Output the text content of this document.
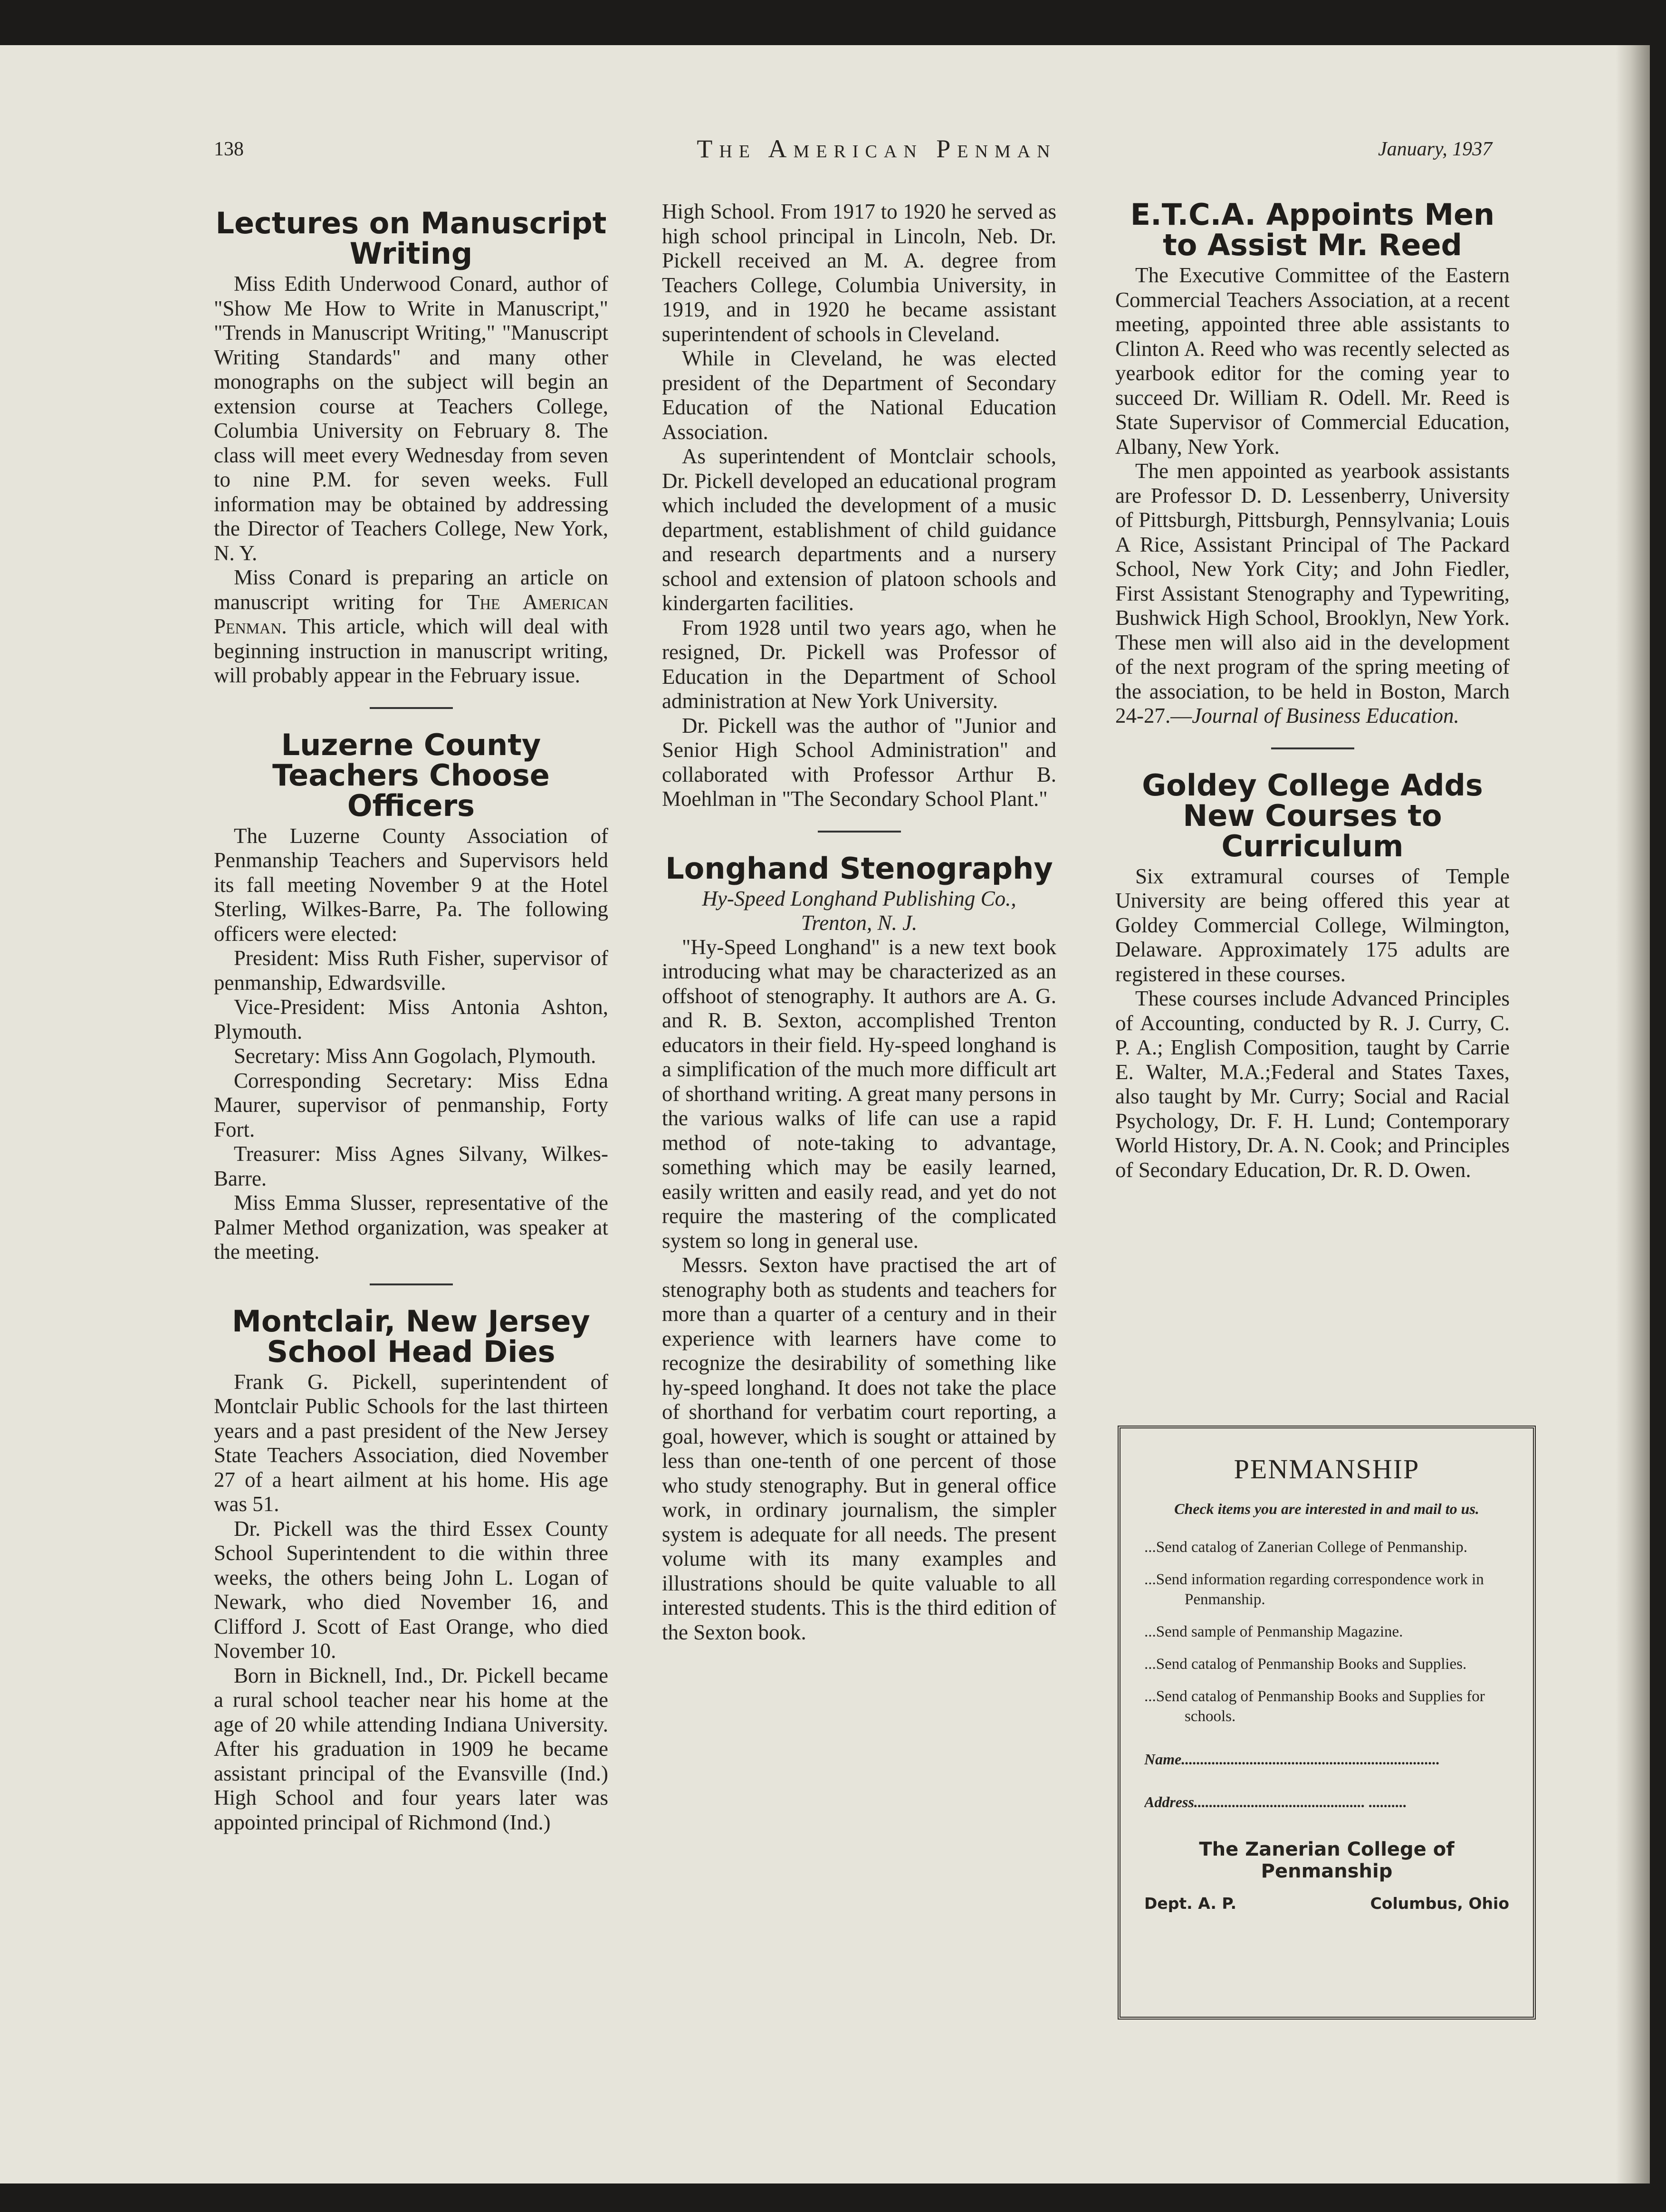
138	The American Penman	January, 1937
Lectures on Manuscript Writing

Miss Edith Underwood Conard, author of "Show Me How to Write in Manuscript," "Trends in Manuscript Writing," "Manuscript Writing Standards" and many other monographs on the subject will begin an extension course at Teachers College, Columbia University on February 8. The class will meet every Wednesday from seven to nine P.M. for seven weeks. Full information may be obtained by addressing the Director of Teachers College, New York, N. Y.

Miss Conard is preparing an article on manuscript writing for The American Penman. This article, which will deal with beginning instruction in manuscript writing, will probably appear in the February issue.

Luzerne County Teachers Choose Officers

The Luzerne County Association of Penmanship Teachers and Supervisors held its fall meeting November 9 at the Hotel Sterling, Wilkes-Barre, Pa. The following officers were elected:

President: Miss Ruth Fisher, supervisor of penmanship, Edwardsville.

Vice-President: Miss Antonia Ashton, Plymouth.

Secretary: Miss Ann Gogolach, Plymouth.

Corresponding Secretary: Miss Edna Maurer, supervisor of penmanship, Forty Fort.

Treasurer: Miss Agnes Silvany, Wilkes-Barre.

Miss Emma Slusser, representative of the Palmer Method organization, was speaker at the meeting.

Montclair, New Jersey School Head Dies

Frank G. Pickell, superintendent of Montclair Public Schools for the last thirteen years and a past president of the New Jersey State Teachers Association, died November 27 of a heart ailment at his home. His age was 51.

Dr. Pickell was the third Essex County School Superintendent to die within three weeks, the others being John L. Logan of Newark, who died November 16, and Clifford J. Scott of East Orange, who died November 10.

Born in Bicknell, Ind., Dr. Pickell became a rural school teacher near his home at the age of 20 while attending Indiana University. After his graduation in 1909 he became assistant principal of the Evansville (Ind.) High School and four years later was appointed principal of Richmond (Ind.)

High School. From 1917 to 1920 he served as high school principal in Lincoln, Neb. Dr. Pickell received an M. A. degree from Teachers College, Columbia University, in 1919, and in 1920 he became assistant superintendent of schools in Cleveland.

While in Cleveland, he was elected president of the Department of Secondary Education of the National Education Association.

As superintendent of Montclair schools, Dr. Pickell developed an educational program which included the development of a music department, establishment of child guidance and research departments and a nursery school and extension of platoon schools and kindergarten facilities.

From 1928 until two years ago, when he resigned, Dr. Pickell was Professor of Education in the Department of School administration at New York University.

Dr. Pickell was the author of "Junior and Senior High School Administration" and collaborated with Professor Arthur B. Moehlman in "The Secondary School Plant."

Longhand Stenography
Hy-Speed Longhand Publishing Co.,
Trenton, N. J.

"Hy-Speed Longhand" is a new text book introducing what may be characterized as an offshoot of stenography. It authors are A. G. and R. B. Sexton, accomplished Trenton educators in their field. Hy-speed longhand is a simplification of the much more difficult art of shorthand writing. A great many persons in the various walks of life can use a rapid method of note-taking to advantage, something which may be easily learned, easily written and easily read, and yet do not require the mastering of the complicated system so long in general use.

Messrs. Sexton have practised the art of stenography both as students and teachers for more than a quarter of a century and in their experience with learners have come to recognize the desirability of something like hy-speed longhand. It does not take the place of shorthand for verbatim court reporting, a goal, however, which is sought or attained by less than one-tenth of one percent of those who study stenography. But in general office work, in ordinary journalism, the simpler system is adequate for all needs. The present volume with its many examples and illustrations should be quite valuable to all interested students. This is the third edition of the Sexton book.

E.T.C.A. Appoints Men to Assist Mr. Reed

The Executive Committee of the Eastern Commercial Teachers Association, at a recent meeting, appointed three able assistants to Clinton A. Reed who was recently selected as yearbook editor for the coming year to succeed Dr. William R. Odell. Mr. Reed is State Supervisor of Commercial Education, Albany, New York.

The men appointed as yearbook assistants are Professor D. D. Lessenberry, University of Pittsburgh, Pittsburgh, Pennsylvania; Louis A Rice, Assistant Principal of The Packard School, New York City; and John Fiedler, First Assistant Stenography and Typewriting, Bushwick High School, Brooklyn, New York. These men will also aid in the development of the next program of the spring meeting of the association, to be held in Boston, March 24-27.—Journal of Business Education.

Goldey College Adds New Courses to Curriculum

Six extramural courses of Temple University are being offered this year at Goldey Commercial College, Wilmington, Delaware. Approximately 175 adults are registered in these courses.

These courses include Advanced Principles of Accounting, conducted by R. J. Curry, C. P. A.; English Composition, taught by Carrie E. Walter, M.A.;Federal and States Taxes, also taught by Mr. Curry; Social and Racial Psychology, Dr. F. H. Lund; Contemporary World History, Dr. A. N. Cook; and Principles of Secondary Education, Dr. R. D. Owen.

PENMANSHIP
Check items you are interested in and mail to us.
...Send catalog of Zanerian College of Penmanship.
...Send information regarding correspondence work in Penmanship.
...Send sample of Penmanship Magazine.
...Send catalog of Penmanship Books and Supplies.
...Send catalog of Penmanship Books and Supplies for schools.
Name....................................................................
Address............................................. ..........
The Zanerian College of Penmanship
Dept. A. P.	Columbus, Ohio
